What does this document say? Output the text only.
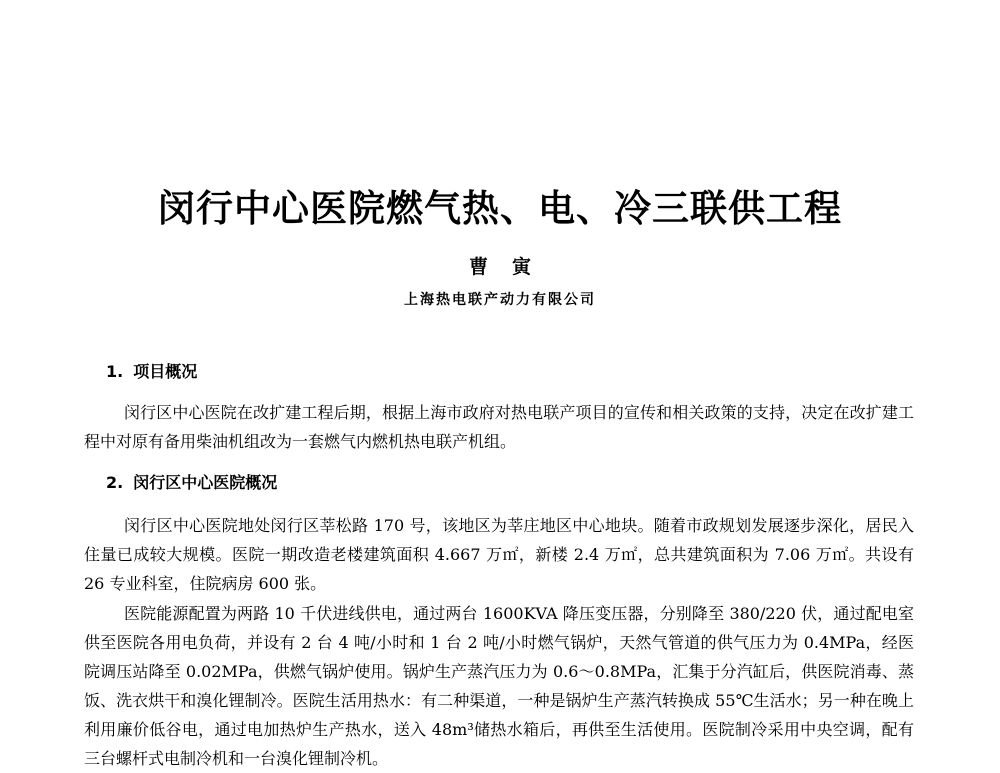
闵行中心医院燃气热、电、冷三联供工程
曹寅
上海热电联产动力有限公司
1. 项目概况

闵行区中心医院在改扩建工程后期，根据上海市政府对热电联产项目的宣传和相关政策的支持，决定在改扩建工程中对原有备用柴油机组改为一套燃气内燃机热电联产机组。

2. 闵行区中心医院概况

闵行区中心医院地处闵行区莘松路 170 号，该地区为莘庄地区中心地块。随着市政规划发展逐步深化，居民入住量已成较大规模。医院一期改造老楼建筑面积 4.667 万㎡，新楼 2.4 万㎡，总共建筑面积为 7.06 万㎡。共设有 26 专业科室，住院病房 600 张。

医院能源配置为两路 10 千伏进线供电，通过两台 1600KVA 降压变压器，分别降至 380/220 伏，通过配电室供至医院各用电负荷，并设有 2 台 4 吨/小时和 1 台 2 吨/小时燃气锅炉，天然气管道的供气压力为 0.4MPa，经医院调压站降至 0.02MPa，供燃气锅炉使用。锅炉生产蒸汽压力为 0.6～0.8MPa，汇集于分汽缸后，供医院消毒、蒸饭、洗衣烘干和溴化锂制冷。医院生活用热水：有二种渠道，一种是锅炉生产蒸汽转换成 55℃生活水；另一种在晚上利用廉价低谷电，通过电加热炉生产热水，送入 48m³储热水箱后，再供至生活使用。医院制冷采用中央空调，配有三台螺杆式电制冷机和一台溴化锂制冷机。
